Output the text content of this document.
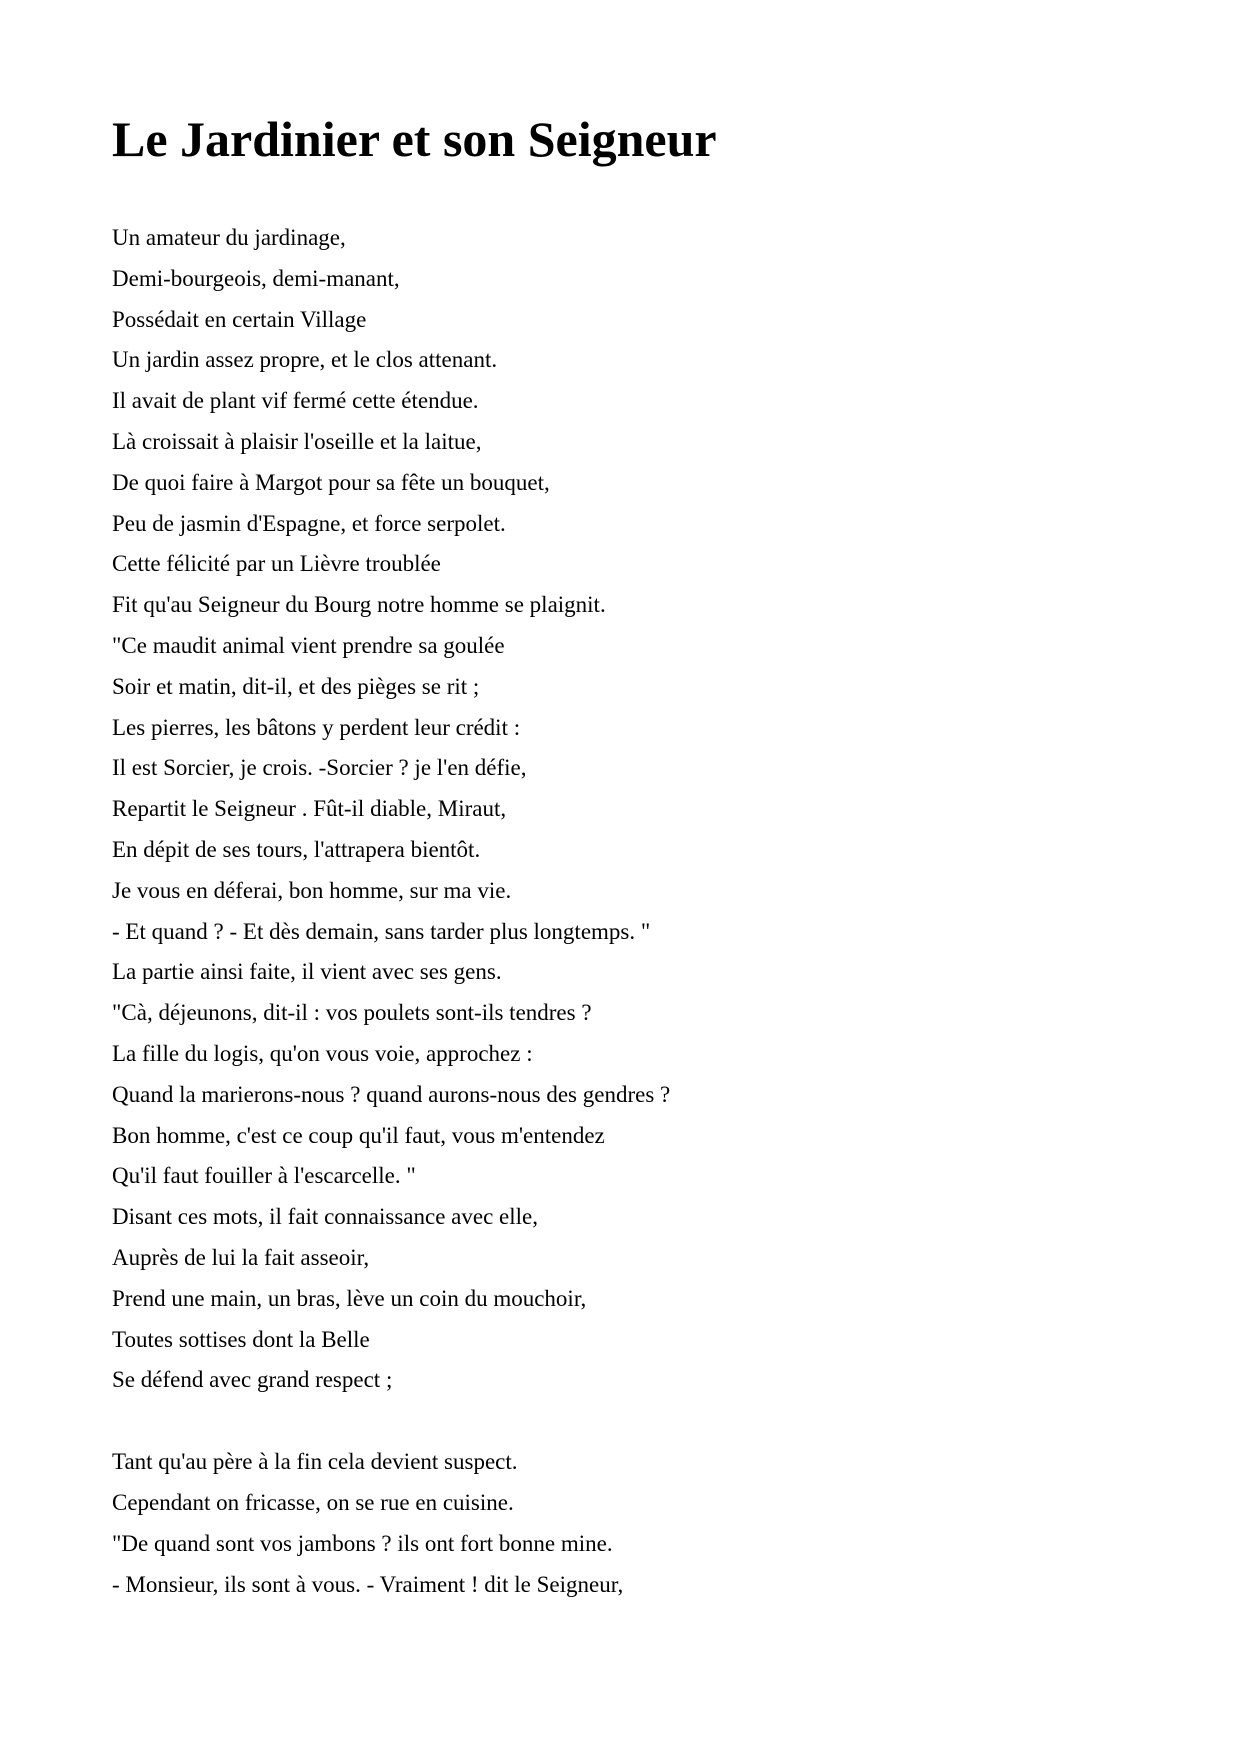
Le Jardinier et son Seigneur
Un amateur du jardinage,
Demi-bourgeois, demi-manant,
Possédait en certain Village
Un jardin assez propre, et le clos attenant.
Il avait de plant vif fermé cette étendue.
Là croissait à plaisir l'oseille et la laitue,
De quoi faire à Margot pour sa fête un bouquet,
Peu de jasmin d'Espagne, et force serpolet.
Cette félicité par un Lièvre troublée
Fit qu'au Seigneur du Bourg notre homme se plaignit.
"Ce maudit animal vient prendre sa goulée
Soir et matin, dit-il, et des pièges se rit ;
Les pierres, les bâtons y perdent leur crédit :
Il est Sorcier, je crois. -Sorcier ? je l'en défie,
Repartit le Seigneur . Fût-il diable, Miraut,
En dépit de ses tours, l'attrapera bientôt.
Je vous en déferai, bon homme, sur ma vie.
- Et quand ? - Et dès demain, sans tarder plus longtemps. "
La partie ainsi faite, il vient avec ses gens.
"Cà, déjeunons, dit-il : vos poulets sont-ils tendres ?
La fille du logis, qu'on vous voie, approchez :
Quand la marierons-nous ? quand aurons-nous des gendres ?
Bon homme, c'est ce coup qu'il faut, vous m'entendez
Qu'il faut fouiller à l'escarcelle. "
Disant ces mots, il fait connaissance avec elle,
Auprès de lui la fait asseoir,
Prend une main, un bras, lève un coin du mouchoir,
Toutes sottises dont la Belle
Se défend avec grand respect ;
Tant qu'au père à la fin cela devient suspect.
Cependant on fricasse, on se rue en cuisine.
"De quand sont vos jambons ? ils ont fort bonne mine.
- Monsieur, ils sont à vous. - Vraiment ! dit le Seigneur,
